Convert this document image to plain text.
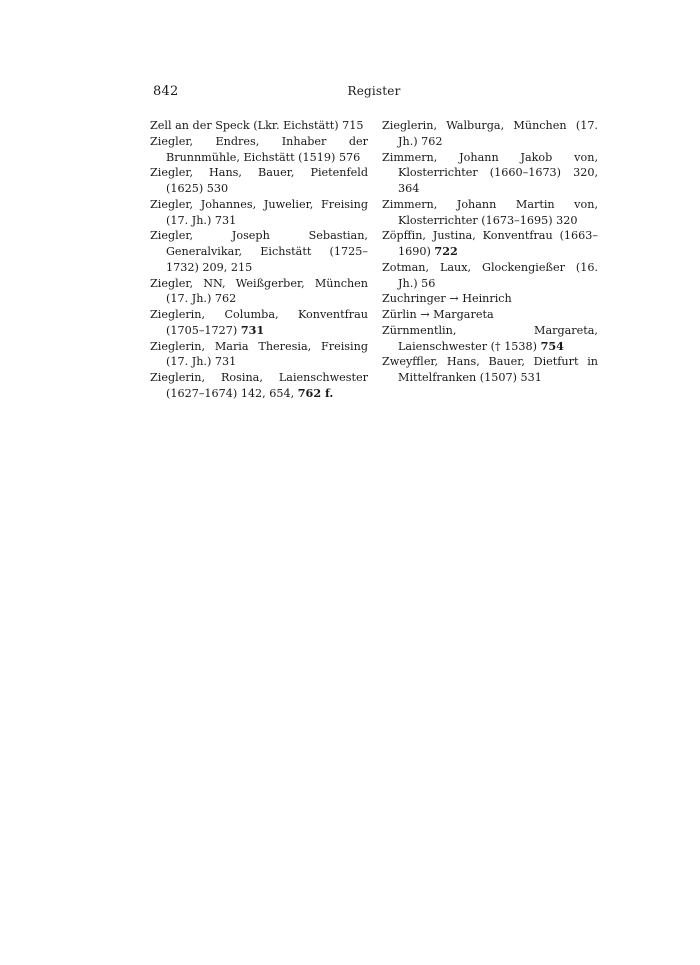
842	Register

Zell an der Speck (Lkr. Eichstätt) 715

Ziegler, Endres, Inhaber der Brunnmühle, Eichstätt (1519) 576

Ziegler, Hans, Bauer, Pietenfeld (1625) 530

Ziegler, Johannes, Juwelier, Freising (17. Jh.) 731

Ziegler, Joseph Sebastian, Generalvikar, Eichstätt (1725–1732) 209, 215

Ziegler, NN, Weißgerber, München (17. Jh.) 762

Zieglerin, Columba, Konventfrau (1705–1727) 731

Zieglerin, Maria Theresia, Freising (17. Jh.) 731

Zieglerin, Rosina, Laienschwester (1627–1674) 142, 654, 762 f.

Zieglerin, Walburga, München (17. Jh.) 762

Zimmern, Johann Jakob von, Klosterrichter (1660–1673) 320, 364

Zimmern, Johann Martin von, Klosterrichter (1673–1695) 320

Zöpffin, Justina, Konventfrau (1663–1690) 722

Zotman, Laux, Glockengießer (16. Jh.) 56

Zuchringer → Heinrich

Zürlin → Margareta

Zürnmentlin, Margareta, Laienschwester († 1538) 754

Zweyffler, Hans, Bauer, Dietfurt in Mittelfranken (1507) 531
